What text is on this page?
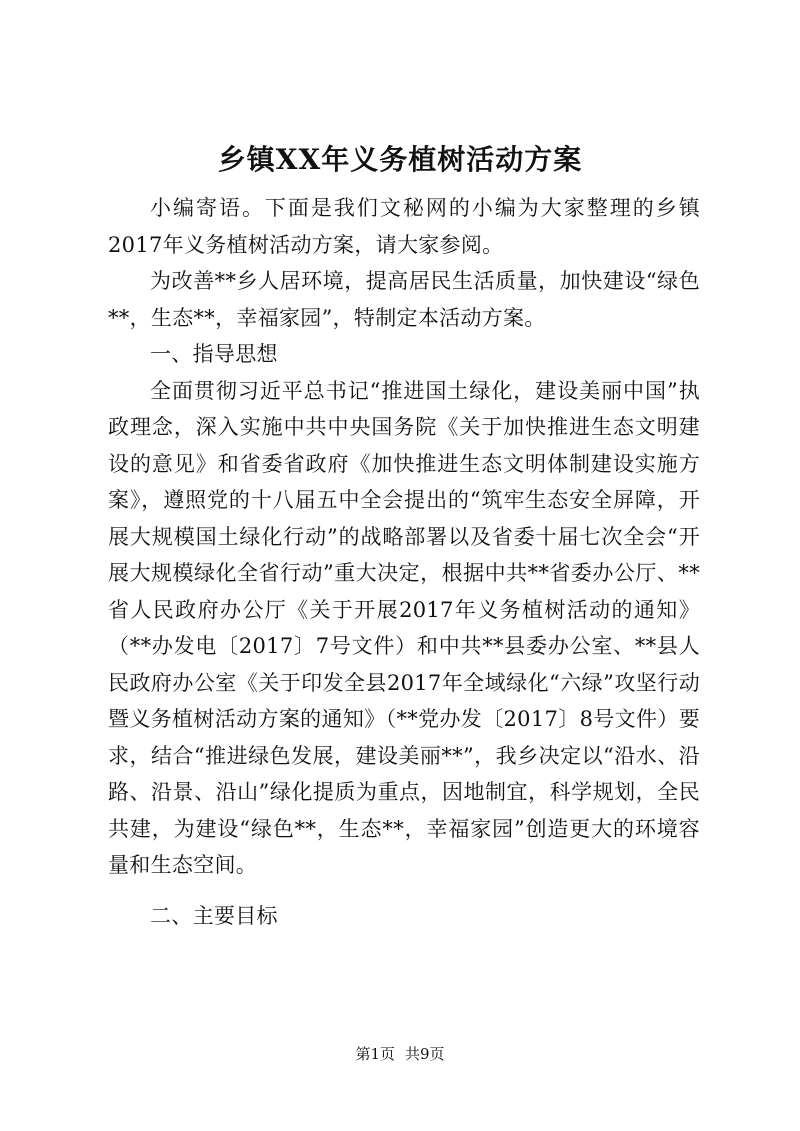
乡镇XX年义务植树活动方案

小编寄语。下面是我们文秘网的小编为大家整理的乡镇2017年义务植树活动方案，请大家参阅。

为改善**乡人居环境，提高居民生活质量，加快建设“绿色**，生态**，幸福家园”，特制定本活动方案。

一、指导思想

全面贯彻习近平总书记“推进国土绿化，建设美丽中国”执政理念，深入实施中共中央国务院《关于加快推进生态文明建设的意见》和省委省政府《加快推进生态文明体制建设实施方案》，遵照党的十八届五中全会提出的“筑牢生态安全屏障，开展大规模国土绿化行动”的战略部署以及省委十届七次全会“开展大规模绿化全省行动”重大决定，根据中共**省委办公厅、**省人民政府办公厅《关于开展2017年义务植树活动的通知》（**办发电〔2017〕7号文件）和中共**县委办公室、**县人民政府办公室《关于印发全县2017年全域绿化“六绿”攻坚行动暨义务植树活动方案的通知》（**党办发〔2017〕8号文件）要求，结合“推进绿色发展，建设美丽**”，我乡决定以“沿水、沿路、沿景、沿山”绿化提质为重点，因地制宜，科学规划，全民共建，为建设“绿色**，生态**，幸福家园”创造更大的环境容量和生态空间。

二、主要目标

第1页 共9页
